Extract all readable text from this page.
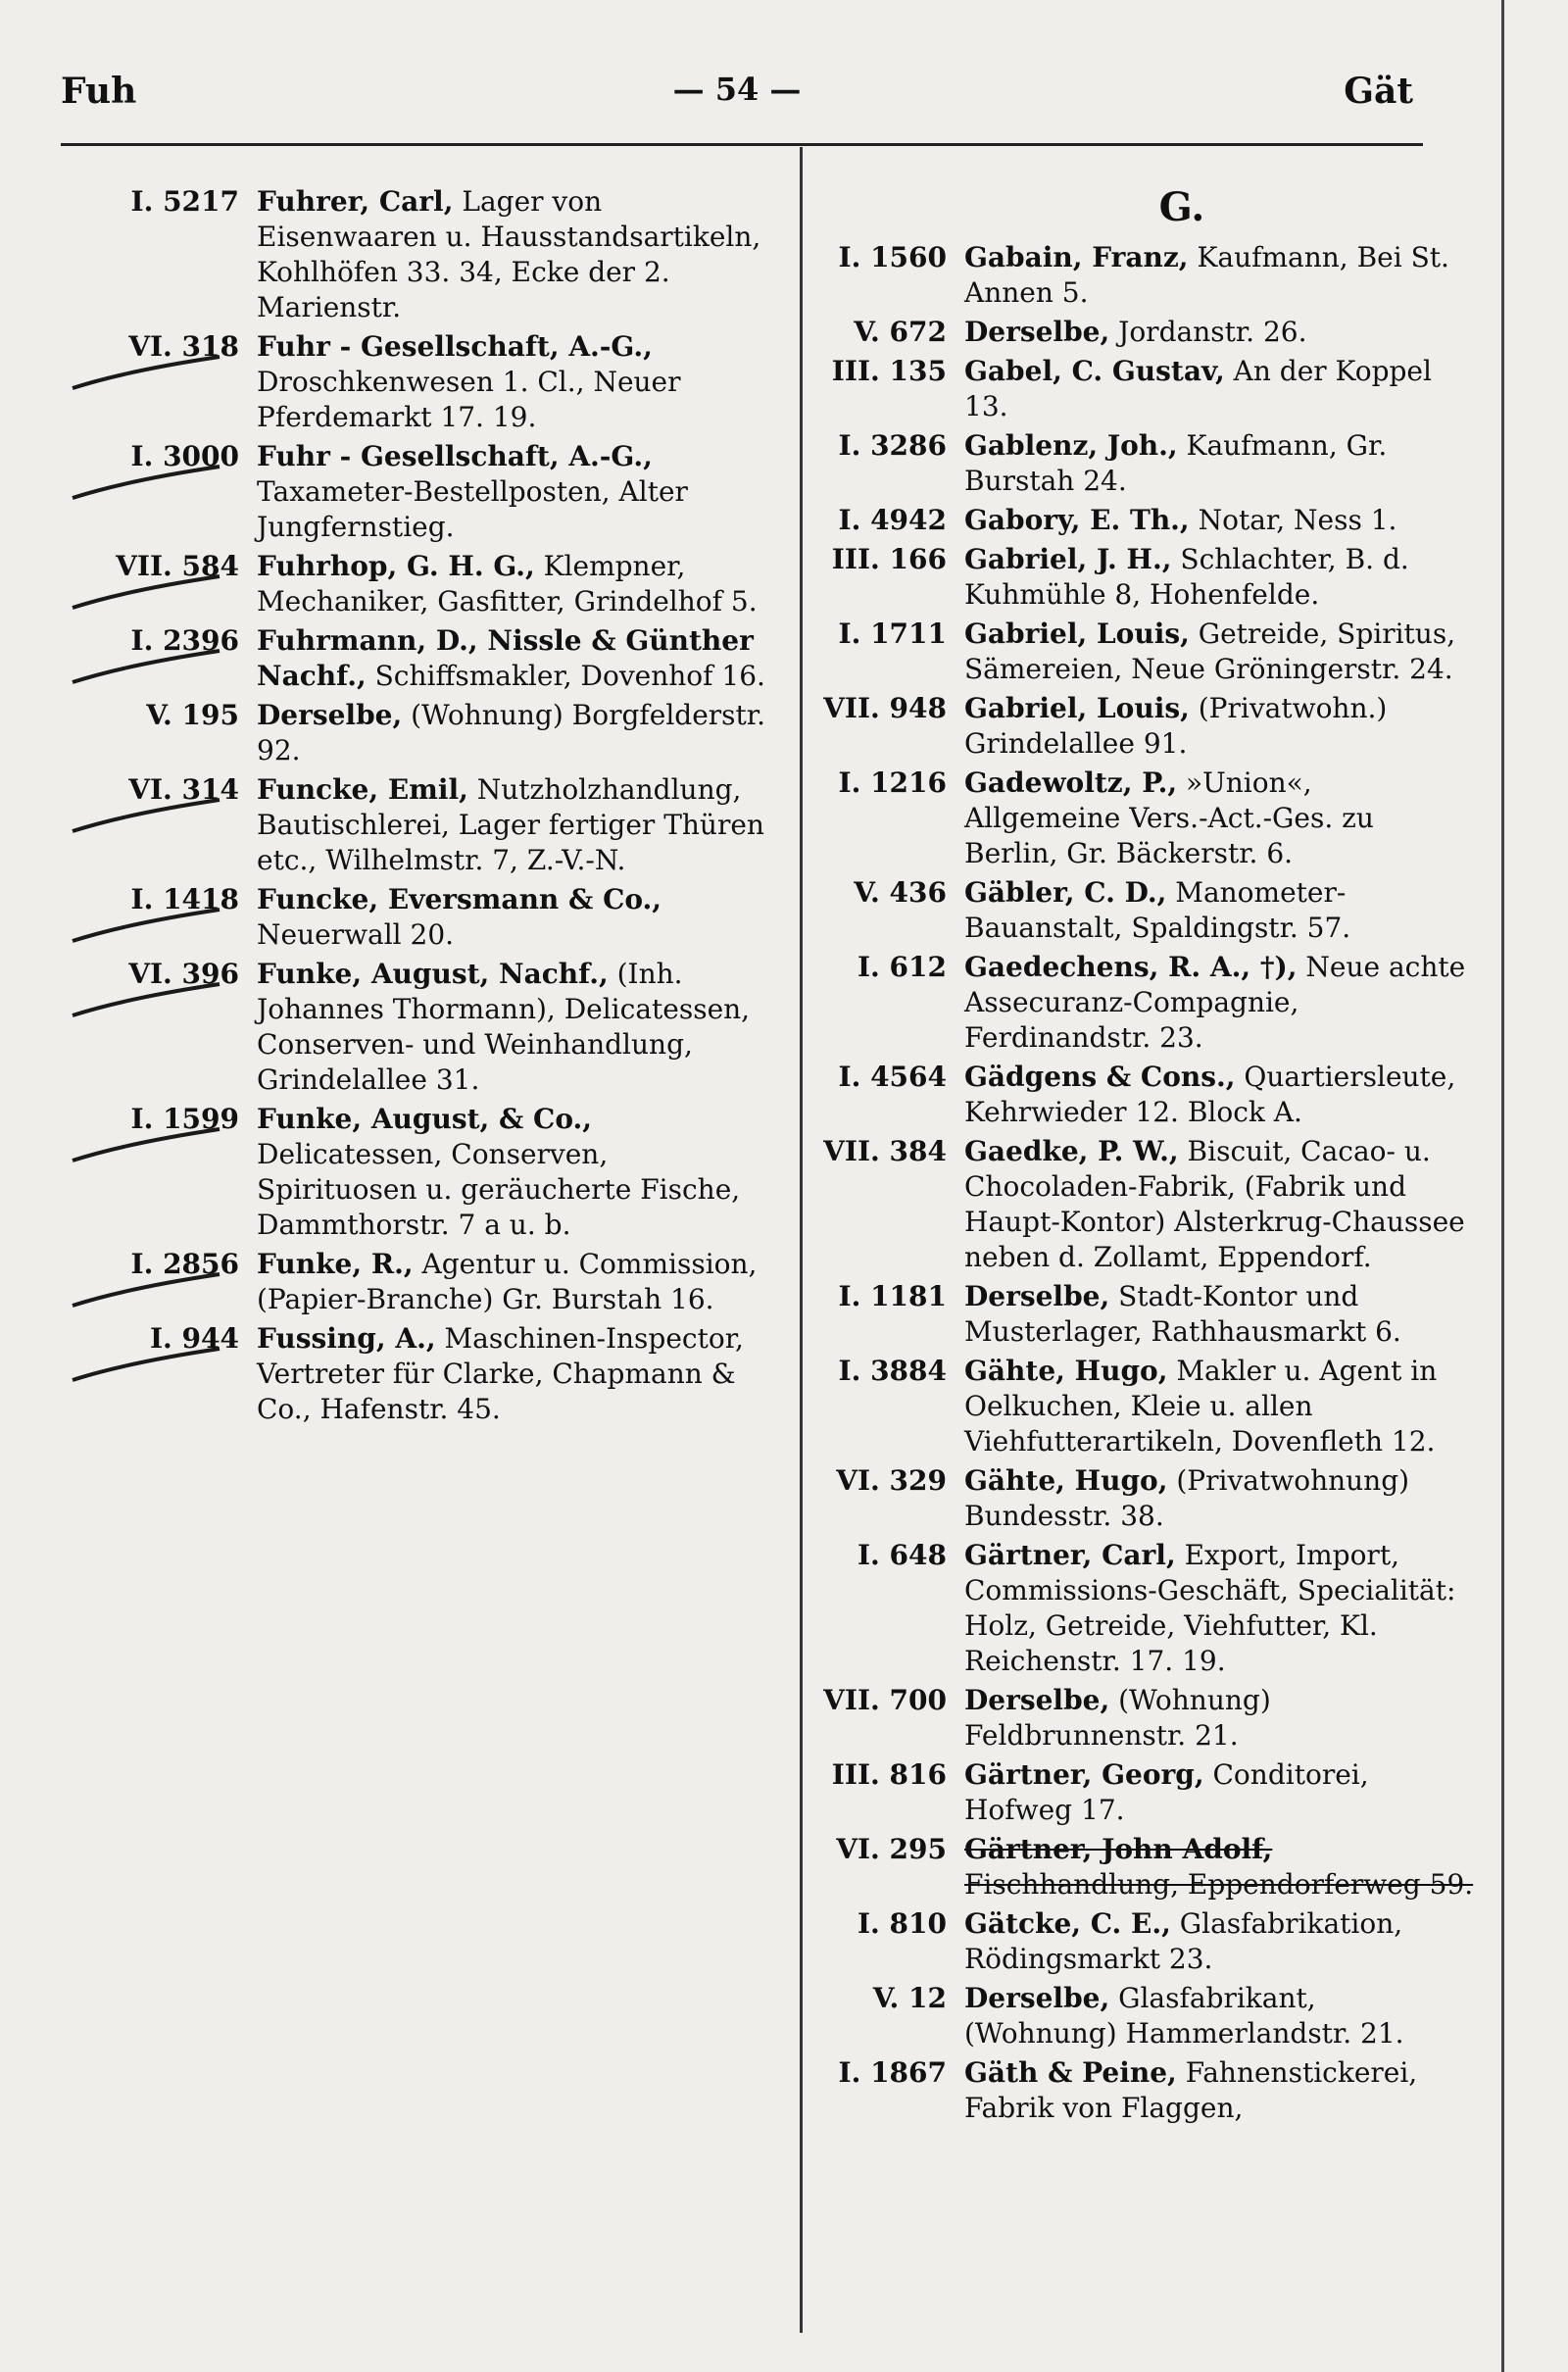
Fuh	— 54 —	Gät
I. 5217 Fuhrer, Carl, Lager von Eisenwaaren u. Hausstandsartikeln, Kohlhöfen 33. 34, Ecke der 2. Marienstr.
VI. 318 Fuhr - Gesellschaft, A.-G., Droschkenwesen 1. Cl., Neuer Pferdemarkt 17. 19.
I. 3000 Fuhr - Gesellschaft, A.-G., Taxameter-Bestellposten, Alter Jungfernstieg.
VII. 584 Fuhrhop, G. H. G., Klempner, Mechaniker, Gasfitter, Grindelhof 5.
I. 2396 Fuhrmann, D., Nissle & Günther Nachf., Schiffsmakler, Dovenhof 16.
V. 195 Derselbe, (Wohnung) Borgfelderstr. 92.
VI. 314 Funcke, Emil, Nutzholzhandlung, Bautischlerei, Lager fertiger Thüren etc., Wilhelmstr. 7, Z.-V.-N.
I. 1418 Funcke, Eversmann & Co., Neuerwall 20.
VI. 396 Funke, August, Nachf., (Inh. Johannes Thormann), Delicatessen, Conserven- und Weinhandlung, Grindelallee 31.
I. 1599 Funke, August, & Co., Delicatessen, Conserven, Spirituosen u. geräucherte Fische, Dammthorstr. 7 a u. b.
I. 2856 Funke, R., Agentur u. Commission, (Papier-Branche) Gr. Burstah 16.
I. 944 Fussing, A., Maschinen-Inspector, Vertreter für Clarke, Chapmann & Co., Hafenstr. 45.
G.
I. 1560 Gabain, Franz, Kaufmann, Bei St. Annen 5.
V. 672 Derselbe, Jordanstr. 26.
III. 135 Gabel, C. Gustav, An der Koppel 13.
I. 3286 Gablenz, Joh., Kaufmann, Gr. Burstah 24.
I. 4942 Gabory, E. Th., Notar, Ness 1.
III. 166 Gabriel, J. H., Schlachter, B. d. Kuhmühle 8, Hohenfelde.
I. 1711 Gabriel, Louis, Getreide, Spiritus, Sämereien, Neue Gröningerstr. 24.
VII. 948 Gabriel, Louis, (Privatwohn.) Grindelallee 91.
I. 1216 Gadewoltz, P., »Union«, Allgemeine Vers.-Act.-Ges. zu Berlin, Gr. Bäckerstr. 6.
V. 436 Gäbler, C. D., Manometer-Bauanstalt, Spaldingstr. 57.
I. 612 Gaedechens, R. A., †), Neue achte Assecuranz-Compagnie, Ferdinandstr. 23.
I. 4564 Gädgens & Cons., Quartiersleute, Kehrwieder 12. Block A.
VII. 384 Gaedke, P. W., Biscuit, Cacao- u. Chocoladen-Fabrik, (Fabrik und Haupt-Kontor) Alsterkrug-Chaussee neben d. Zollamt, Eppendorf.
I. 1181 Derselbe, Stadt-Kontor und Musterlager, Rathhausmarkt 6.
I. 3884 Gähte, Hugo, Makler u. Agent in Oelkuchen, Kleie u. allen Viehfutterartikeln, Dovenfleth 12.
VI. 329 Gähte, Hugo, (Privatwohnung) Bundesstr. 38.
I. 648 Gärtner, Carl, Export, Import, Commissions-Geschäft, Specialität: Holz, Getreide, Viehfutter, Kl. Reichenstr. 17. 19.
VII. 700 Derselbe, (Wohnung) Feldbrunnenstr. 21.
III. 816 Gärtner, Georg, Conditorei, Hofweg 17.
VI. 295 Gärtner, John Adolf, Fischhandlung, Eppendorferweg 59.
I. 810 Gätcke, C. E., Glasfabrikation, Rödingsmarkt 23.
V. 12 Derselbe, Glasfabrikant, (Wohnung) Hammerlandstr. 21.
I. 1867 Gäth & Peine, Fahnenstickerei, Fabrik von Flaggen,
